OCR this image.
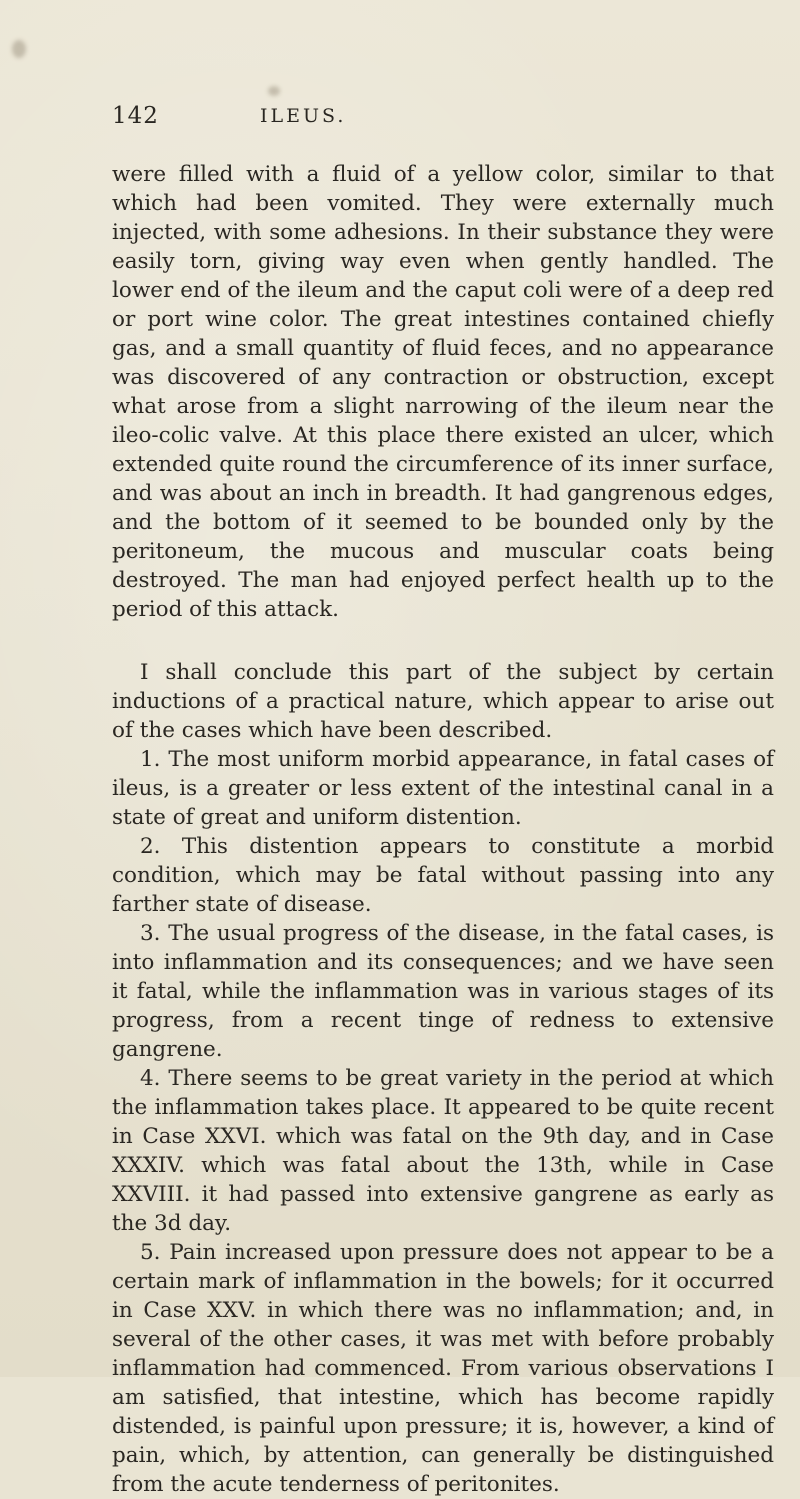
142	ILEUS.

were filled with a fluid of a yellow color, similar to that which had been vomited. They were externally much injected, with some adhesions. In their substance they were easily torn, giving way even when gently handled. The lower end of the ileum and the caput coli were of a deep red or port wine color. The great intestines contained chiefly gas, and a small quantity of fluid feces, and no appearance was discovered of any contraction or obstruction, except what arose from a slight narrowing of the ileum near the ileo-colic valve. At this place there existed an ulcer, which extended quite round the circumference of its inner surface, and was about an inch in breadth. It had gangrenous edges, and the bottom of it seemed to be bounded only by the peritoneum, the mucous and muscular coats being destroyed. The man had enjoyed perfect health up to the period of this attack.

I shall conclude this part of the subject by certain inductions of a practical nature, which appear to arise out of the cases which have been described.

1. The most uniform morbid appearance, in fatal cases of ileus, is a greater or less extent of the intestinal canal in a state of great and uniform distention.

2. This distention appears to constitute a morbid condition, which may be fatal without passing into any farther state of disease.

3. The usual progress of the disease, in the fatal cases, is into inflammation and its consequences; and we have seen it fatal, while the inflammation was in various stages of its progress, from a recent tinge of redness to extensive gangrene.

4. There seems to be great variety in the period at which the inflammation takes place. It appeared to be quite recent in Case XXVI. which was fatal on the 9th day, and in Case XXXIV. which was fatal about the 13th, while in Case XXVIII. it had passed into extensive gangrene as early as the 3d day.

5. Pain increased upon pressure does not appear to be a certain mark of inflammation in the bowels; for it occurred in Case XXV. in which there was no inflammation; and, in several of the other cases, it was met with before probably inflammation had commenced. From various observations I am satisfied, that intestine, which has become rapidly distended, is painful upon pressure; it is, however, a kind of pain, which, by attention, can generally be distinguished from the acute tenderness of peritonites.
